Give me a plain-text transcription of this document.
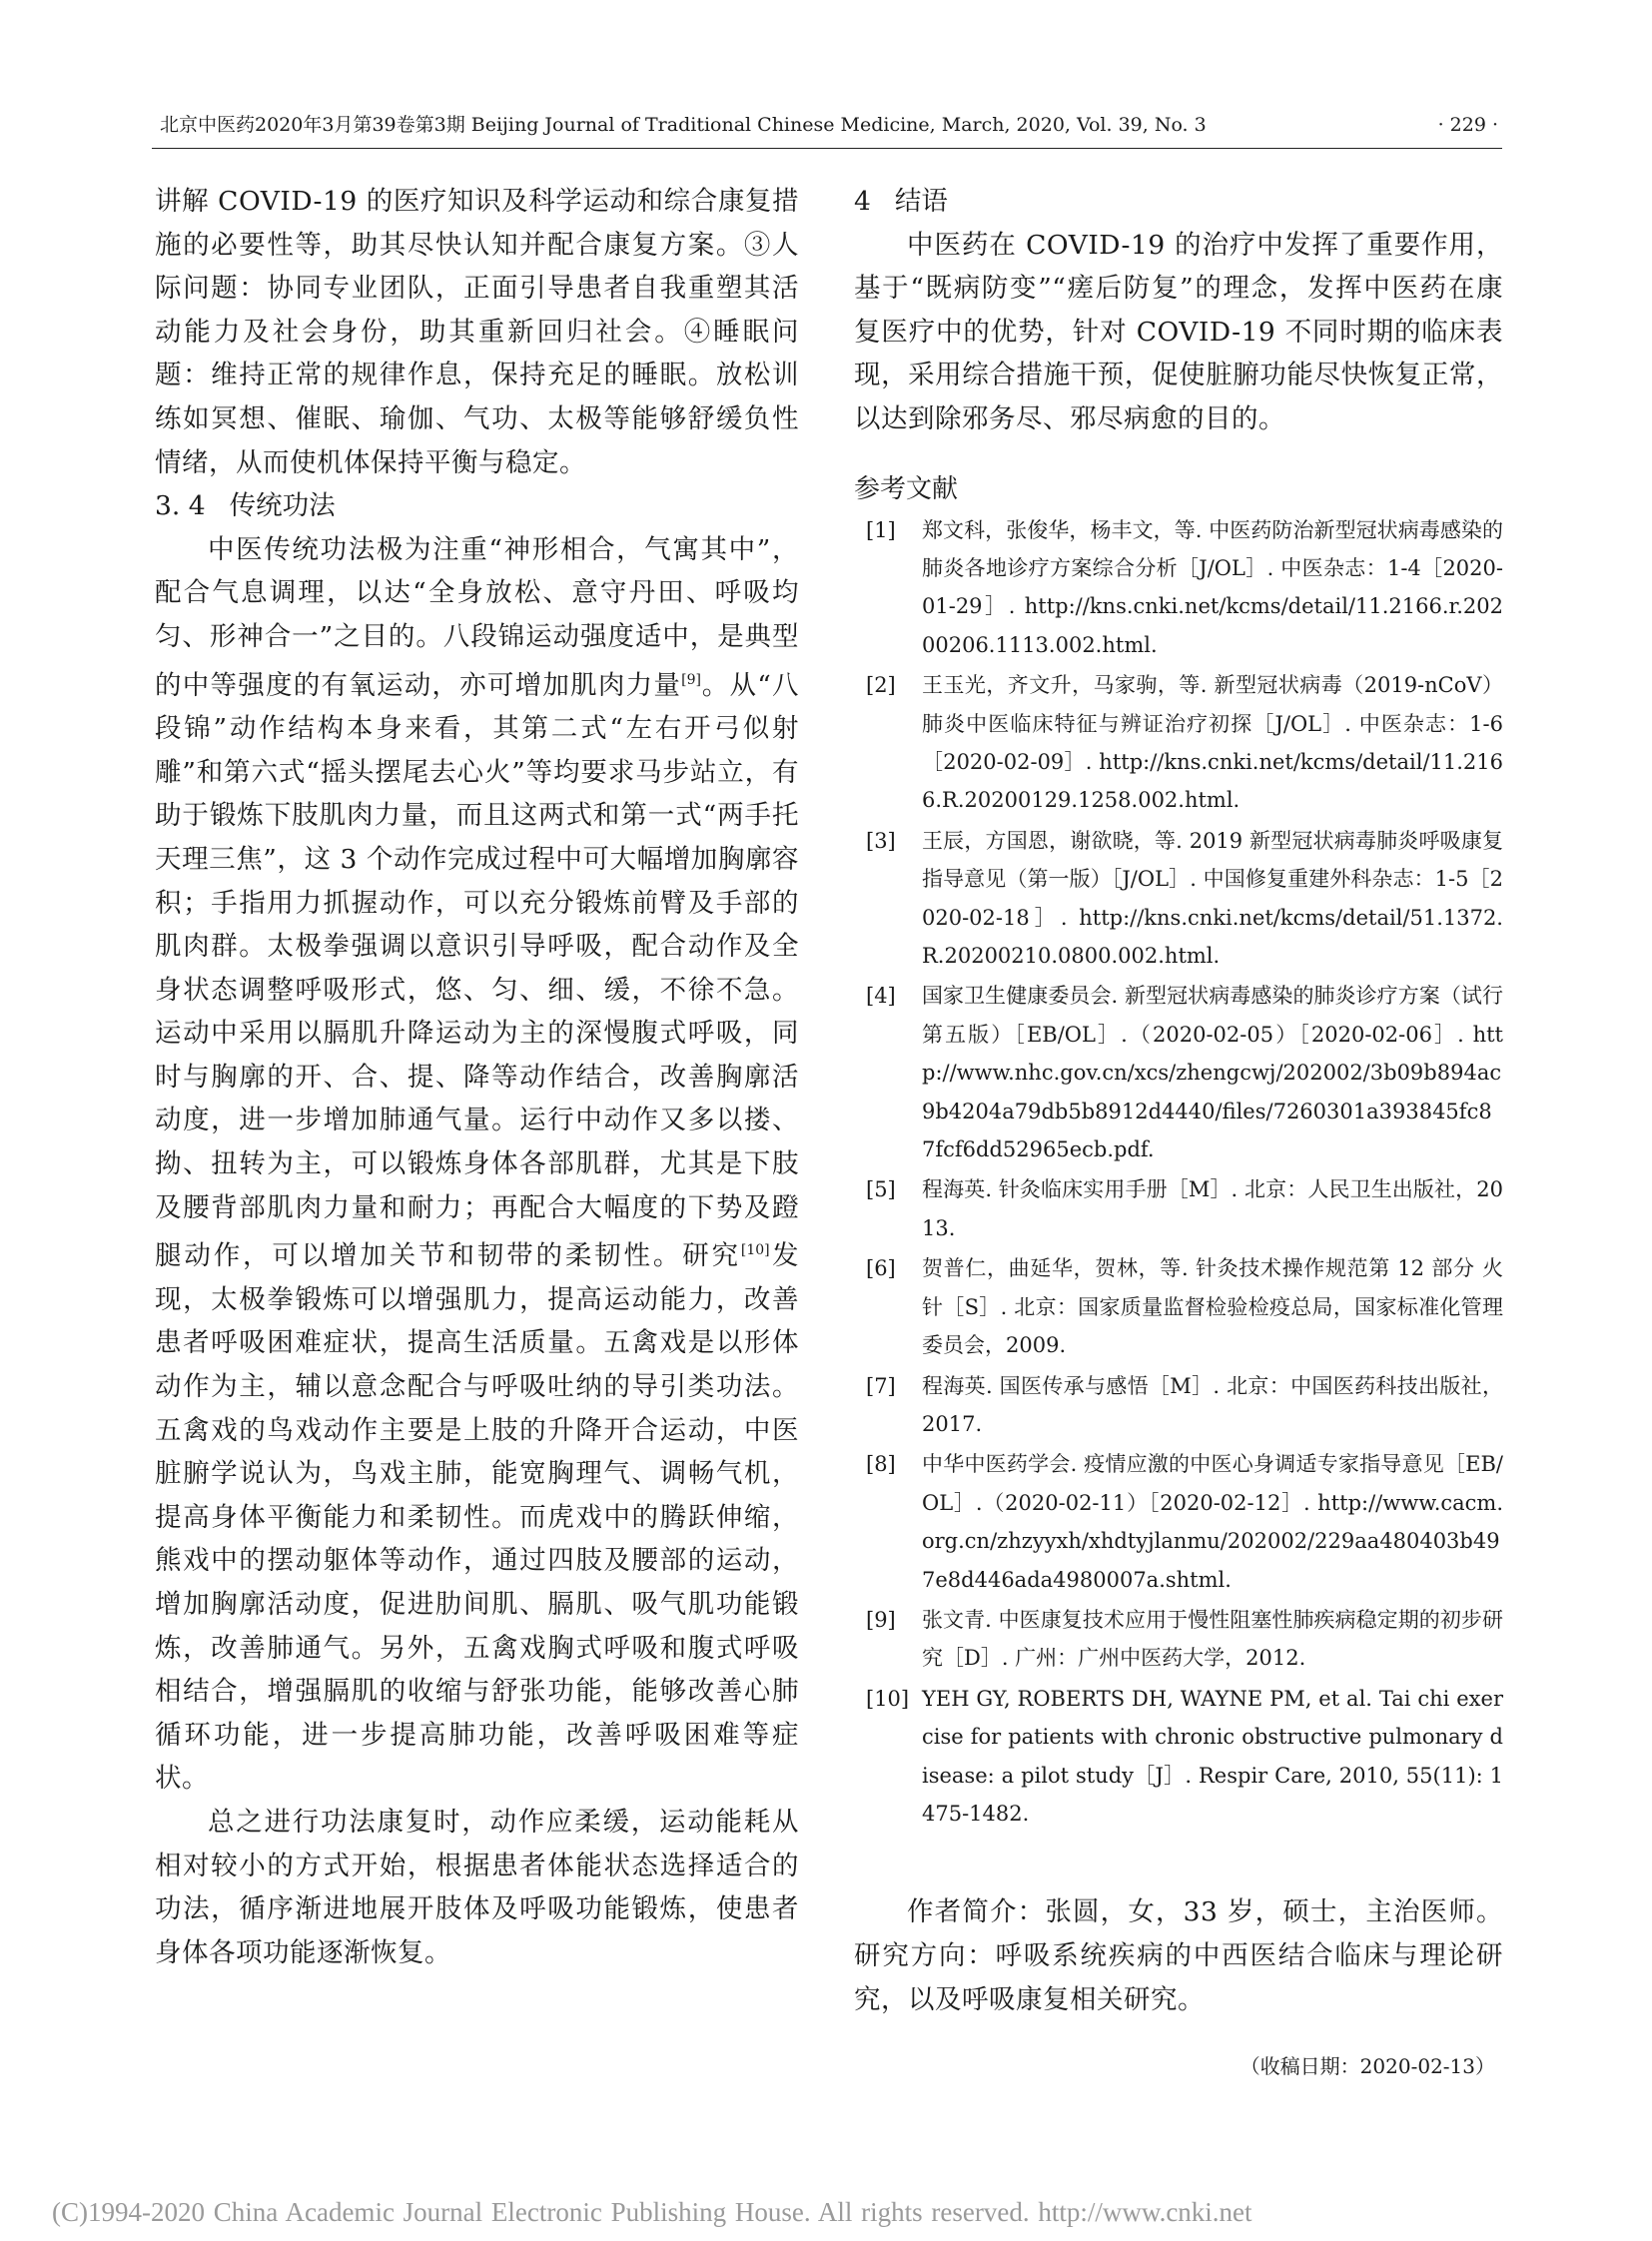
北京中医药2020年3月第39卷第3期 Beijing Journal of Traditional Chinese Medicine, March, 2020, Vol. 39, No. 3	· 229 ·

讲解 COVID-19 的医疗知识及科学运动和综合康复措施的必要性等，助其尽快认知并配合康复方案。③人际问题：协同专业团队，正面引导患者自我重塑其活动能力及社会身份，助其重新回归社会。④睡眠问题：维持正常的规律作息，保持充足的睡眠。放松训练如冥想、催眠、瑜伽、气功、太极等能够舒缓负性情绪，从而使机体保持平衡与稳定。

3. 4 传统功法

中医传统功法极为注重“神形相合，气寓其中”，配合气息调理，以达“全身放松、意守丹田、呼吸均匀、形神合一”之目的。八段锦运动强度适中，是典型的中等强度的有氧运动，亦可增加肌肉力量[9]。从“八段锦”动作结构本身来看，其第二式“左右开弓似射雕”和第六式“摇头摆尾去心火”等均要求马步站立，有助于锻炼下肢肌肉力量，而且这两式和第一式“两手托天理三焦”，这 3 个动作完成过程中可大幅增加胸廓容积；手指用力抓握动作，可以充分锻炼前臂及手部的肌肉群。太极拳强调以意识引导呼吸，配合动作及全身状态调整呼吸形式，悠、匀、细、缓，不徐不急。运动中采用以膈肌升降运动为主的深慢腹式呼吸，同时与胸廓的开、合、提、降等动作结合，改善胸廓活动度，进一步增加肺通气量。运行中动作又多以搂、拗、扭转为主，可以锻炼身体各部肌群，尤其是下肢及腰背部肌肉力量和耐力；再配合大幅度的下势及蹬腿动作，可以增加关节和韧带的柔韧性。研究[10]发现，太极拳锻炼可以增强肌力，提高运动能力，改善患者呼吸困难症状，提高生活质量。五禽戏是以形体动作为主，辅以意念配合与呼吸吐纳的导引类功法。五禽戏的鸟戏动作主要是上肢的升降开合运动，中医脏腑学说认为，鸟戏主肺，能宽胸理气、调畅气机，提高身体平衡能力和柔韧性。而虎戏中的腾跃伸缩，熊戏中的摆动躯体等动作，通过四肢及腰部的运动，增加胸廓活动度，促进肋间肌、膈肌、吸气肌功能锻炼，改善肺通气。另外，五禽戏胸式呼吸和腹式呼吸相结合，增强膈肌的收缩与舒张功能，能够改善心肺循环功能，进一步提高肺功能，改善呼吸困难等症状。

总之进行功法康复时，动作应柔缓，运动能耗从相对较小的方式开始，根据患者体能状态选择适合的功法，循序渐进地展开肢体及呼吸功能锻炼，使患者身体各项功能逐渐恢复。

4 结语

中医药在 COVID-19 的治疗中发挥了重要作用，基于“既病防变”“瘥后防复”的理念，发挥中医药在康复医疗中的优势，针对 COVID-19 不同时期的临床表现，采用综合措施干预，促使脏腑功能尽快恢复正常，以达到除邪务尽、邪尽病愈的目的。

参考文献
[1] 郑文科，张俊华，杨丰文，等. 中医药防治新型冠状病毒感染的肺炎各地诊疗方案综合分析［J/OL］. 中医杂志：1-4［2020-01-29］. http://kns.cnki.net/kcms/detail/11.2166.r.20200206.1113.002.html.
[2] 王玉光，齐文升，马家驹，等. 新型冠状病毒（2019-nCoV）肺炎中医临床特征与辨证治疗初探［J/OL］. 中医杂志：1-6［2020-02-09］. http://kns.cnki.net/kcms/detail/11.2166.R.20200129.1258.002.html.
[3] 王辰，方国恩，谢欲晓，等. 2019 新型冠状病毒肺炎呼吸康复指导意见（第一版）［J/OL］. 中国修复重建外科杂志：1-5［2020-02-18］. http://kns.cnki.net/kcms/detail/51.1372.R.20200210.0800.002.html.
[4] 国家卫生健康委员会. 新型冠状病毒感染的肺炎诊疗方案（试行第五版）［EB/OL］.（2020-02-05）［2020-02-06］. http://www.nhc.gov.cn/xcs/zhengcwj/202002/3b09b894ac9b4204a79db5b8912d4440/files/7260301a393845fc87fcf6dd52965ecb.pdf.
[5] 程海英. 针灸临床实用手册［M］. 北京：人民卫生出版社，2013.
[6] 贺普仁，曲延华，贺林，等. 针灸技术操作规范第 12 部分 火针［S］. 北京：国家质量监督检验检疫总局，国家标准化管理委员会，2009.
[7] 程海英. 国医传承与感悟［M］. 北京：中国医药科技出版社，2017.
[8] 中华中医药学会. 疫情应激的中医心身调适专家指导意见［EB/OL］.（2020-02-11）［2020-02-12］. http://www.cacm.org.cn/zhzyyxh/xhdtyjlanmu/202002/229aa480403b497e8d446ada4980007a.shtml.
[9] 张文青. 中医康复技术应用于慢性阻塞性肺疾病稳定期的初步研究［D］. 广州：广州中医药大学，2012.
[10] YEH GY, ROBERTS DH, WAYNE PM, et al. Tai chi exercise for patients with chronic obstructive pulmonary disease: a pilot study［J］. Respir Care, 2010, 55(11): 1475-1482.

作者简介：张圆，女，33 岁，硕士，主治医师。研究方向：呼吸系统疾病的中西医结合临床与理论研究，以及呼吸康复相关研究。

（收稿日期：2020-02-13）
(C)1994-2020 China Academic Journal Electronic Publishing House. All rights reserved. http://www.cnki.net
